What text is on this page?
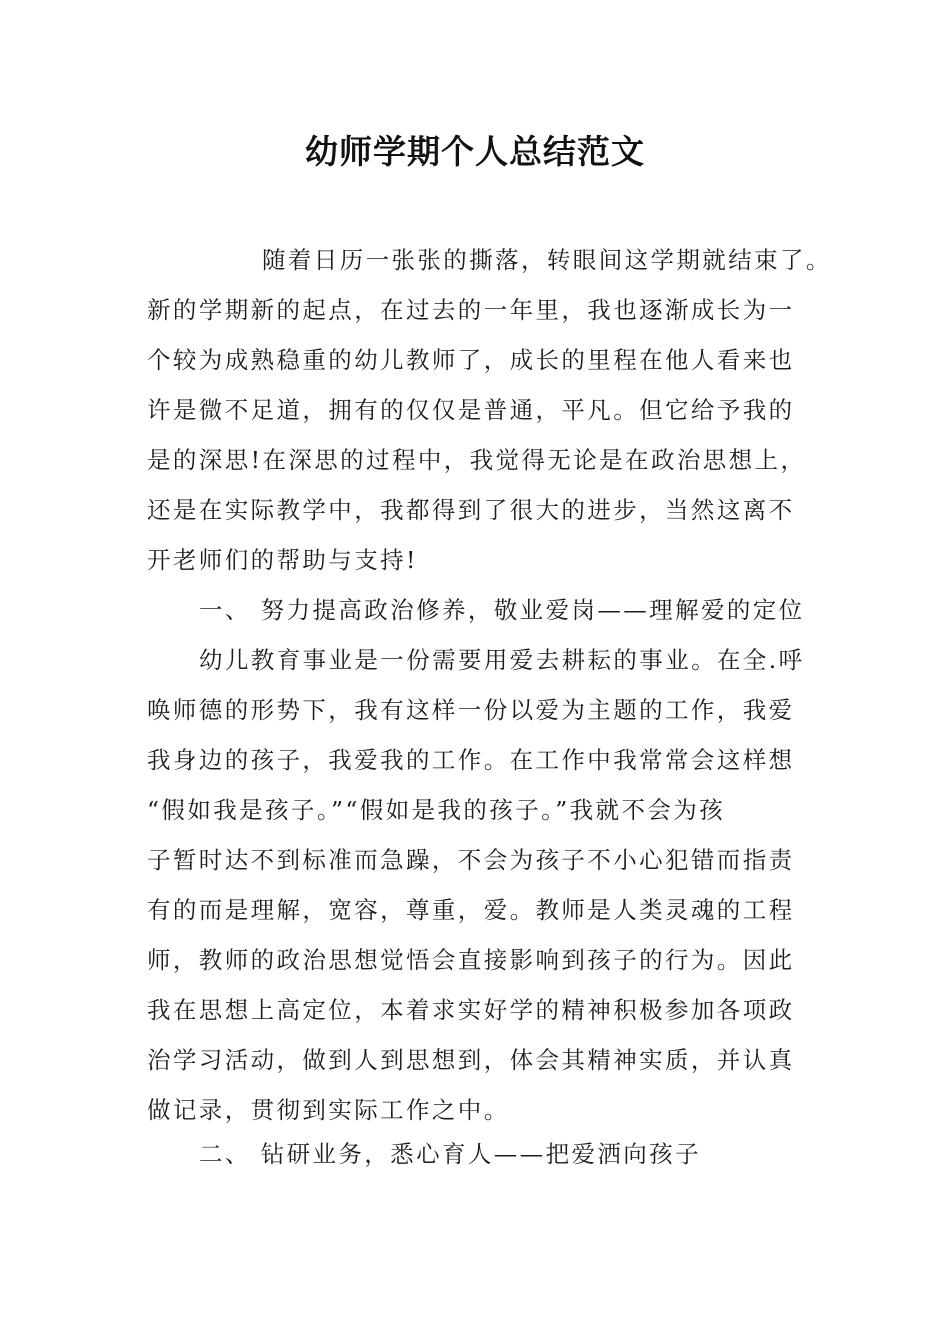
幼师学期个人总结范文
随着日历一张张的撕落，转眼间这学期就结束了。
新的学期新的起点，在过去的一年里，我也逐渐成长为一
个较为成熟稳重的幼儿教师了，成长的里程在他人看来也
许是微不足道，拥有的仅仅是普通，平凡。但它给予我的
是的深思!在深思的过程中，我觉得无论是在政治思想上，
还是在实际教学中，我都得到了很大的进步，当然这离不
开老师们的帮助与支持!
一、 努力提高政治修养，敬业爱岗——理解爱的定位
幼儿教育事业是一份需要用爱去耕耘的事业。在全.呼
唤师德的形势下，我有这样一份以爱为主题的工作，我爱
我身边的孩子，我爱我的工作。在工作中我常常会这样想
“假如我是孩子。”“假如是我的孩子。”我就不会为孩
子暂时达不到标准而急躁，不会为孩子不小心犯错而指责
有的而是理解，宽容，尊重，爱。教师是人类灵魂的工程
师，教师的政治思想觉悟会直接影响到孩子的行为。因此
我在思想上高定位，本着求实好学的精神积极参加各项政
治学习活动，做到人到思想到，体会其精神实质，并认真
做记录，贯彻到实际工作之中。
二、 钻研业务，悉心育人——把爱洒向孩子
